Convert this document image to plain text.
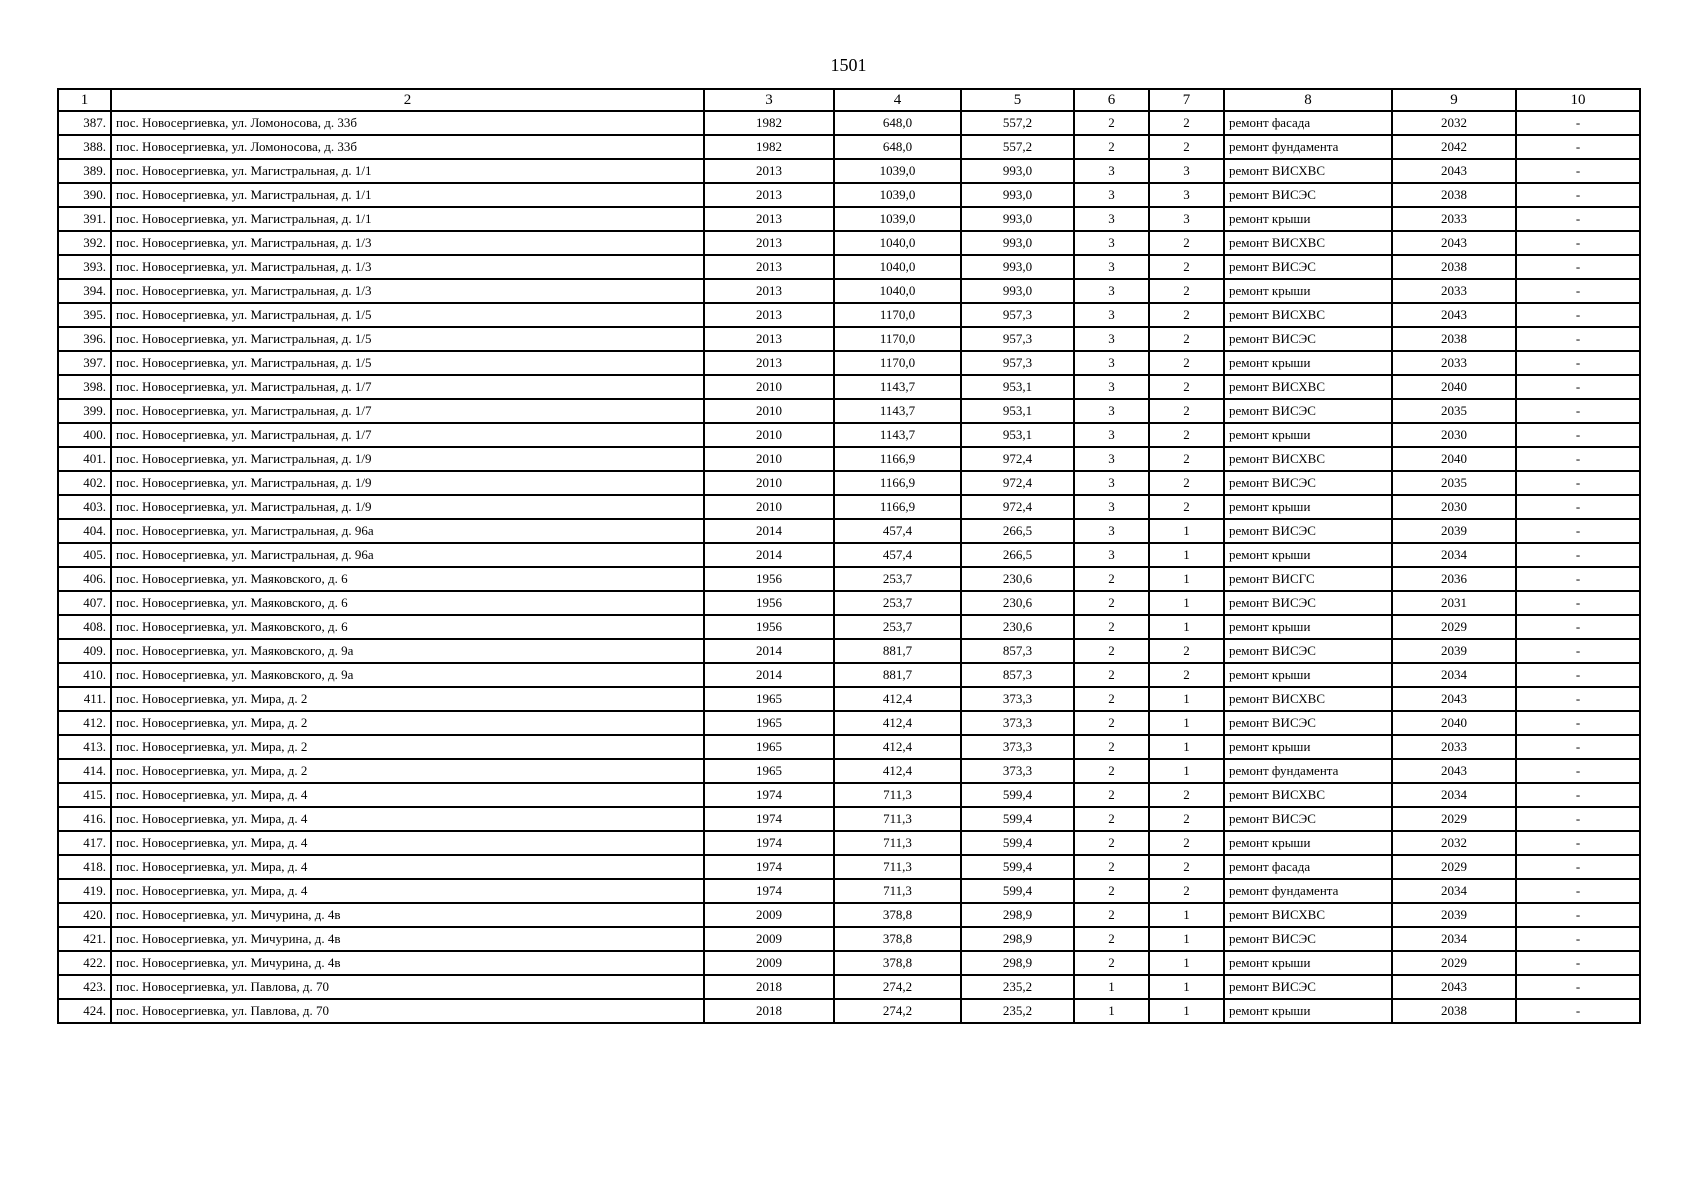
1501
1	2	3	4	5	6	7	8	9	10
387.	пос. Новосергиевка, ул. Ломоносова, д. 33б	1982	648,0	557,2	2	2	ремонт фасада	2032	-
388.	пос. Новосергиевка, ул. Ломоносова, д. 33б	1982	648,0	557,2	2	2	ремонт фундамента	2042	-
389.	пос. Новосергиевка, ул. Магистральная, д. 1/1	2013	1039,0	993,0	3	3	ремонт ВИСХВС	2043	-
390.	пос. Новосергиевка, ул. Магистральная, д. 1/1	2013	1039,0	993,0	3	3	ремонт ВИСЭС	2038	-
391.	пос. Новосергиевка, ул. Магистральная, д. 1/1	2013	1039,0	993,0	3	3	ремонт крыши	2033	-
392.	пос. Новосергиевка, ул. Магистральная, д. 1/3	2013	1040,0	993,0	3	2	ремонт ВИСХВС	2043	-
393.	пос. Новосергиевка, ул. Магистральная, д. 1/3	2013	1040,0	993,0	3	2	ремонт ВИСЭС	2038	-
394.	пос. Новосергиевка, ул. Магистральная, д. 1/3	2013	1040,0	993,0	3	2	ремонт крыши	2033	-
395.	пос. Новосергиевка, ул. Магистральная, д. 1/5	2013	1170,0	957,3	3	2	ремонт ВИСХВС	2043	-
396.	пос. Новосергиевка, ул. Магистральная, д. 1/5	2013	1170,0	957,3	3	2	ремонт ВИСЭС	2038	-
397.	пос. Новосергиевка, ул. Магистральная, д. 1/5	2013	1170,0	957,3	3	2	ремонт крыши	2033	-
398.	пос. Новосергиевка, ул. Магистральная, д. 1/7	2010	1143,7	953,1	3	2	ремонт ВИСХВС	2040	-
399.	пос. Новосергиевка, ул. Магистральная, д. 1/7	2010	1143,7	953,1	3	2	ремонт ВИСЭС	2035	-
400.	пос. Новосергиевка, ул. Магистральная, д. 1/7	2010	1143,7	953,1	3	2	ремонт крыши	2030	-
401.	пос. Новосергиевка, ул. Магистральная, д. 1/9	2010	1166,9	972,4	3	2	ремонт ВИСХВС	2040	-
402.	пос. Новосергиевка, ул. Магистральная, д. 1/9	2010	1166,9	972,4	3	2	ремонт ВИСЭС	2035	-
403.	пос. Новосергиевка, ул. Магистральная, д. 1/9	2010	1166,9	972,4	3	2	ремонт крыши	2030	-
404.	пос. Новосергиевка, ул. Магистральная, д. 96а	2014	457,4	266,5	3	1	ремонт ВИСЭС	2039	-
405.	пос. Новосергиевка, ул. Магистральная, д. 96а	2014	457,4	266,5	3	1	ремонт крыши	2034	-
406.	пос. Новосергиевка, ул. Маяковского, д. 6	1956	253,7	230,6	2	1	ремонт ВИСГС	2036	-
407.	пос. Новосергиевка, ул. Маяковского, д. 6	1956	253,7	230,6	2	1	ремонт ВИСЭС	2031	-
408.	пос. Новосергиевка, ул. Маяковского, д. 6	1956	253,7	230,6	2	1	ремонт крыши	2029	-
409.	пос. Новосергиевка, ул. Маяковского, д. 9а	2014	881,7	857,3	2	2	ремонт ВИСЭС	2039	-
410.	пос. Новосергиевка, ул. Маяковского, д. 9а	2014	881,7	857,3	2	2	ремонт крыши	2034	-
411.	пос. Новосергиевка, ул. Мира, д. 2	1965	412,4	373,3	2	1	ремонт ВИСХВС	2043	-
412.	пос. Новосергиевка, ул. Мира, д. 2	1965	412,4	373,3	2	1	ремонт ВИСЭС	2040	-
413.	пос. Новосергиевка, ул. Мира, д. 2	1965	412,4	373,3	2	1	ремонт крыши	2033	-
414.	пос. Новосергиевка, ул. Мира, д. 2	1965	412,4	373,3	2	1	ремонт фундамента	2043	-
415.	пос. Новосергиевка, ул. Мира, д. 4	1974	711,3	599,4	2	2	ремонт ВИСХВС	2034	-
416.	пос. Новосергиевка, ул. Мира, д. 4	1974	711,3	599,4	2	2	ремонт ВИСЭС	2029	-
417.	пос. Новосергиевка, ул. Мира, д. 4	1974	711,3	599,4	2	2	ремонт крыши	2032	-
418.	пос. Новосергиевка, ул. Мира, д. 4	1974	711,3	599,4	2	2	ремонт фасада	2029	-
419.	пос. Новосергиевка, ул. Мира, д. 4	1974	711,3	599,4	2	2	ремонт фундамента	2034	-
420.	пос. Новосергиевка, ул. Мичурина, д. 4в	2009	378,8	298,9	2	1	ремонт ВИСХВС	2039	-
421.	пос. Новосергиевка, ул. Мичурина, д. 4в	2009	378,8	298,9	2	1	ремонт ВИСЭС	2034	-
422.	пос. Новосергиевка, ул. Мичурина, д. 4в	2009	378,8	298,9	2	1	ремонт крыши	2029	-
423.	пос. Новосергиевка, ул. Павлова, д. 70	2018	274,2	235,2	1	1	ремонт ВИСЭС	2043	-
424.	пос. Новосергиевка, ул. Павлова, д. 70	2018	274,2	235,2	1	1	ремонт крыши	2038	-
